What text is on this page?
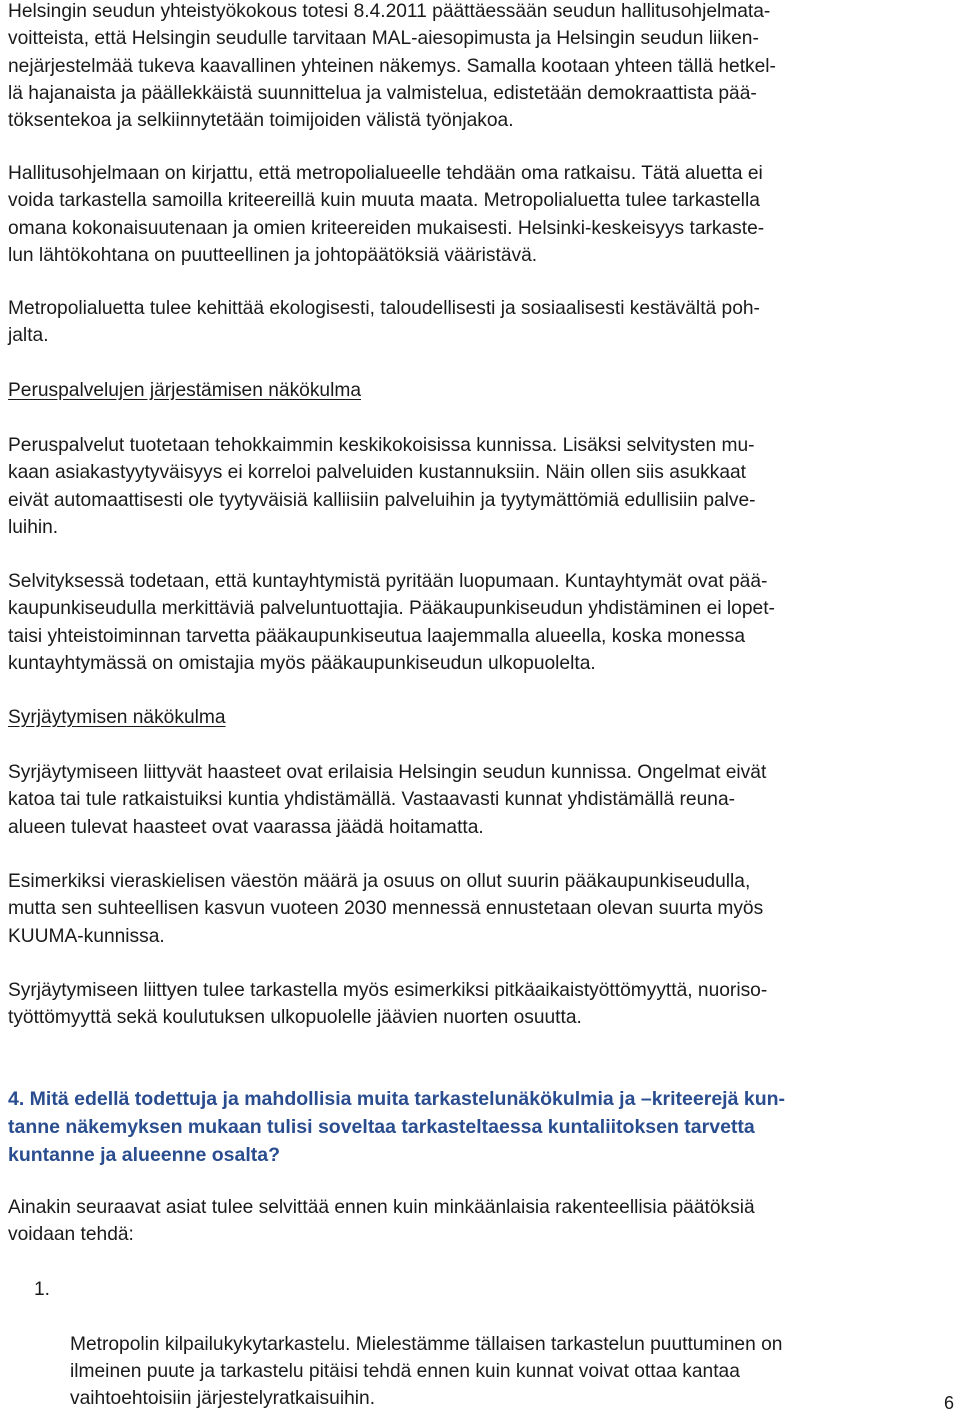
Helsingin seudun yhteistyökokous totesi 8.4.2011 päättäessään seudun hallitusohjelmata-
voitteista, että Helsingin seudulle tarvitaan MAL-aiesopimusta ja Helsingin seudun liiken-
nejärjestelmää tukeva kaavallinen yhteinen näkemys. Samalla kootaan yhteen tällä hetkel-
lä hajanaista ja päällekkäistä suunnittelua ja valmistelua, edistetään demokraattista pää-
töksentekoa ja selkiinnytetään toimijoiden välistä työnjakoa.

Hallitusohjelmaan on kirjattu, että metropolialueelle tehdään oma ratkaisu. Tätä aluetta ei
voida tarkastella samoilla kriteereillä kuin muuta maata. Metropolialuetta tulee tarkastella
omana kokonaisuutenaan ja omien kriteereiden mukaisesti. Helsinki-keskeisyys tarkaste-
lun lähtökohtana on puutteellinen ja johtopäätöksiä vääristävä.

Metropolialuetta tulee kehittää ekologisesti, taloudellisesti ja sosiaalisesti kestävältä poh-
jalta.

Peruspalvelujen järjestämisen näkökulma

Peruspalvelut tuotetaan tehokkaimmin keskikokoisissa kunnissa. Lisäksi selvitysten mu-
kaan asiakastyytyväisyys ei korreloi palveluiden kustannuksiin. Näin ollen siis asukkaat
eivät automaattisesti ole tyytyväisiä kalliisiin palveluihin ja tyytymättömiä edullisiin palve-
luihin.

Selvityksessä todetaan, että kuntayhtymistä pyritään luopumaan. Kuntayhtymät ovat pää-
kaupunkiseudulla merkittäviä palveluntuottajia. Pääkaupunkiseudun yhdistäminen ei lopet-
taisi yhteistoiminnan tarvetta pääkaupunkiseutua laajemmalla alueella, koska monessa
kuntayhtymässä on omistajia myös pääkaupunkiseudun ulkopuolelta.

Syrjäytymisen näkökulma

Syrjäytymiseen liittyvät haasteet ovat erilaisia Helsingin seudun kunnissa. Ongelmat eivät
katoa tai tule ratkaistuiksi kuntia yhdistämällä. Vastaavasti kunnat yhdistämällä reuna-
alueen tulevat haasteet ovat vaarassa jäädä hoitamatta.

Esimerkiksi vieraskielisen väestön määrä ja osuus on ollut suurin pääkaupunkiseudulla,
mutta sen suhteellisen kasvun vuoteen 2030 mennessä ennustetaan olevan suurta myös
KUUMA-kunnissa.

Syrjäytymiseen liittyen tulee tarkastella myös esimerkiksi pitkäaikaistyöttömyyttä, nuoriso-
työttömyyttä sekä koulutuksen ulkopuolelle jäävien nuorten osuutta.

4. Mitä edellä todettuja ja mahdollisia muita tarkastelunäkökulmia ja –kriteerejä kun-
tanne näkemyksen mukaan tulisi soveltaa tarkasteltaessa kuntaliitoksen tarvetta
kuntanne ja alueenne osalta?

Ainakin seuraavat asiat tulee selvittää ennen kuin minkäänlaisia rakenteellisia päätöksiä
voidaan tehdä:

1.

Metropolin kilpailukykytarkastelu. Mielestämme tällaisen tarkastelun puuttuminen on
ilmeinen puute ja tarkastelu pitäisi tehdä ennen kuin kunnat voivat ottaa kantaa
vaihtoehtoisiin järjestelyratkaisuihin.	6
